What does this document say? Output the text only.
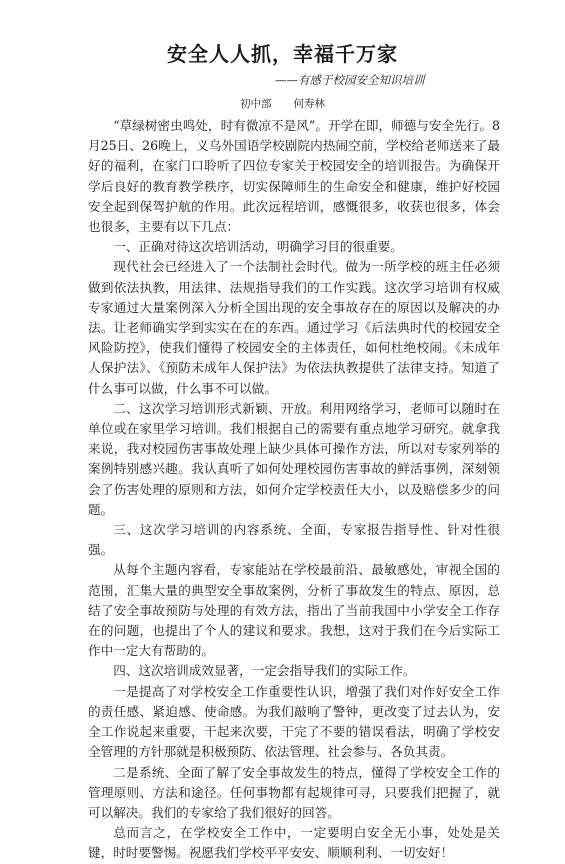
安全人人抓，幸福千万家
——有感于校园安全知识培训
初中部 何寿林

“草绿树密虫鸣处，时有微凉不是风”。开学在即，师德与安全先行。8月25日、26晚上，义乌外国语学校剧院内热闹空前，学校给老师送来了最好的福利，在家门口聆听了四位专家关于校园安全的培训报告。为确保开学后良好的教育教学秩序，切实保障师生的生命安全和健康，维护好校园安全起到保驾护航的作用。此次远程培训，感慨很多，收获也很多，体会也很多，主要有以下几点：

一、正确对待这次培训活动，明确学习目的很重要。

现代社会已经进入了一个法制社会时代。做为一所学校的班主任必须做到依法执教，用法律、法规指导我们的工作实践。这次学习培训有权威专家通过大量案例深入分析全国出现的安全事故存在的原因以及解决的办法。让老师确实学到实实在在的东西。通过学习《后法典时代的校园安全风险防控》，使我们懂得了校园安全的主体责任，如何杜绝校闹。《未成年人保护法》、《预防未成年人保护法》为依法执教提供了法律支持。知道了什么事可以做，什么事不可以做。

二、这次学习培训形式新颖、开放。利用网络学习，老师可以随时在单位或在家里学习培训。我们根据自己的需要有重点地学习研究。就拿我来说，我对校园伤害事故处理上缺少具体可操作方法，所以对专家列举的案例特别感兴趣。我认真听了如何处理校园伤害事故的鲜活事例，深刻领会了伤害处理的原则和方法，如何介定学校责任大小，以及赔偿多少的问题。

三、这次学习培训的内容系统、全面，专家报告指导性、针对性很强。

从每个主题内容看，专家能站在学校最前沿、最敏感处，审视全国的范围，汇集大量的典型安全事故案例，分析了事故发生的特点、原因，总结了安全事故预防与处理的有效方法，指出了当前我国中小学安全工作存在的问题，也提出了个人的建议和要求。我想，这对于我们在今后实际工作中一定大有帮助的。

四、这次培训成效显著，一定会指导我们的实际工作。

一是提高了对学校安全工作重要性认识，增强了我们对作好安全工作的责任感、紧迫感、使命感。为我们敲响了警钟，更改变了过去认为，安全工作说起来重要，干起来次要，干完了不要的错误看法，明确了学校安全管理的方针那就是积极预防、依法管理、社会参与、各负其责。

二是系统、全面了解了安全事故发生的特点，懂得了学校安全工作的管理原则、方法和途径。任何事物都有起规律可寻，只要我们把握了，就可以解决。我们的专家给了我们很好的回答。

总而言之，在学校安全工作中，一定要明白安全无小事，处处是关键，时时要警惕。祝愿我们学校平平安安、顺顺利利、一切安好！
